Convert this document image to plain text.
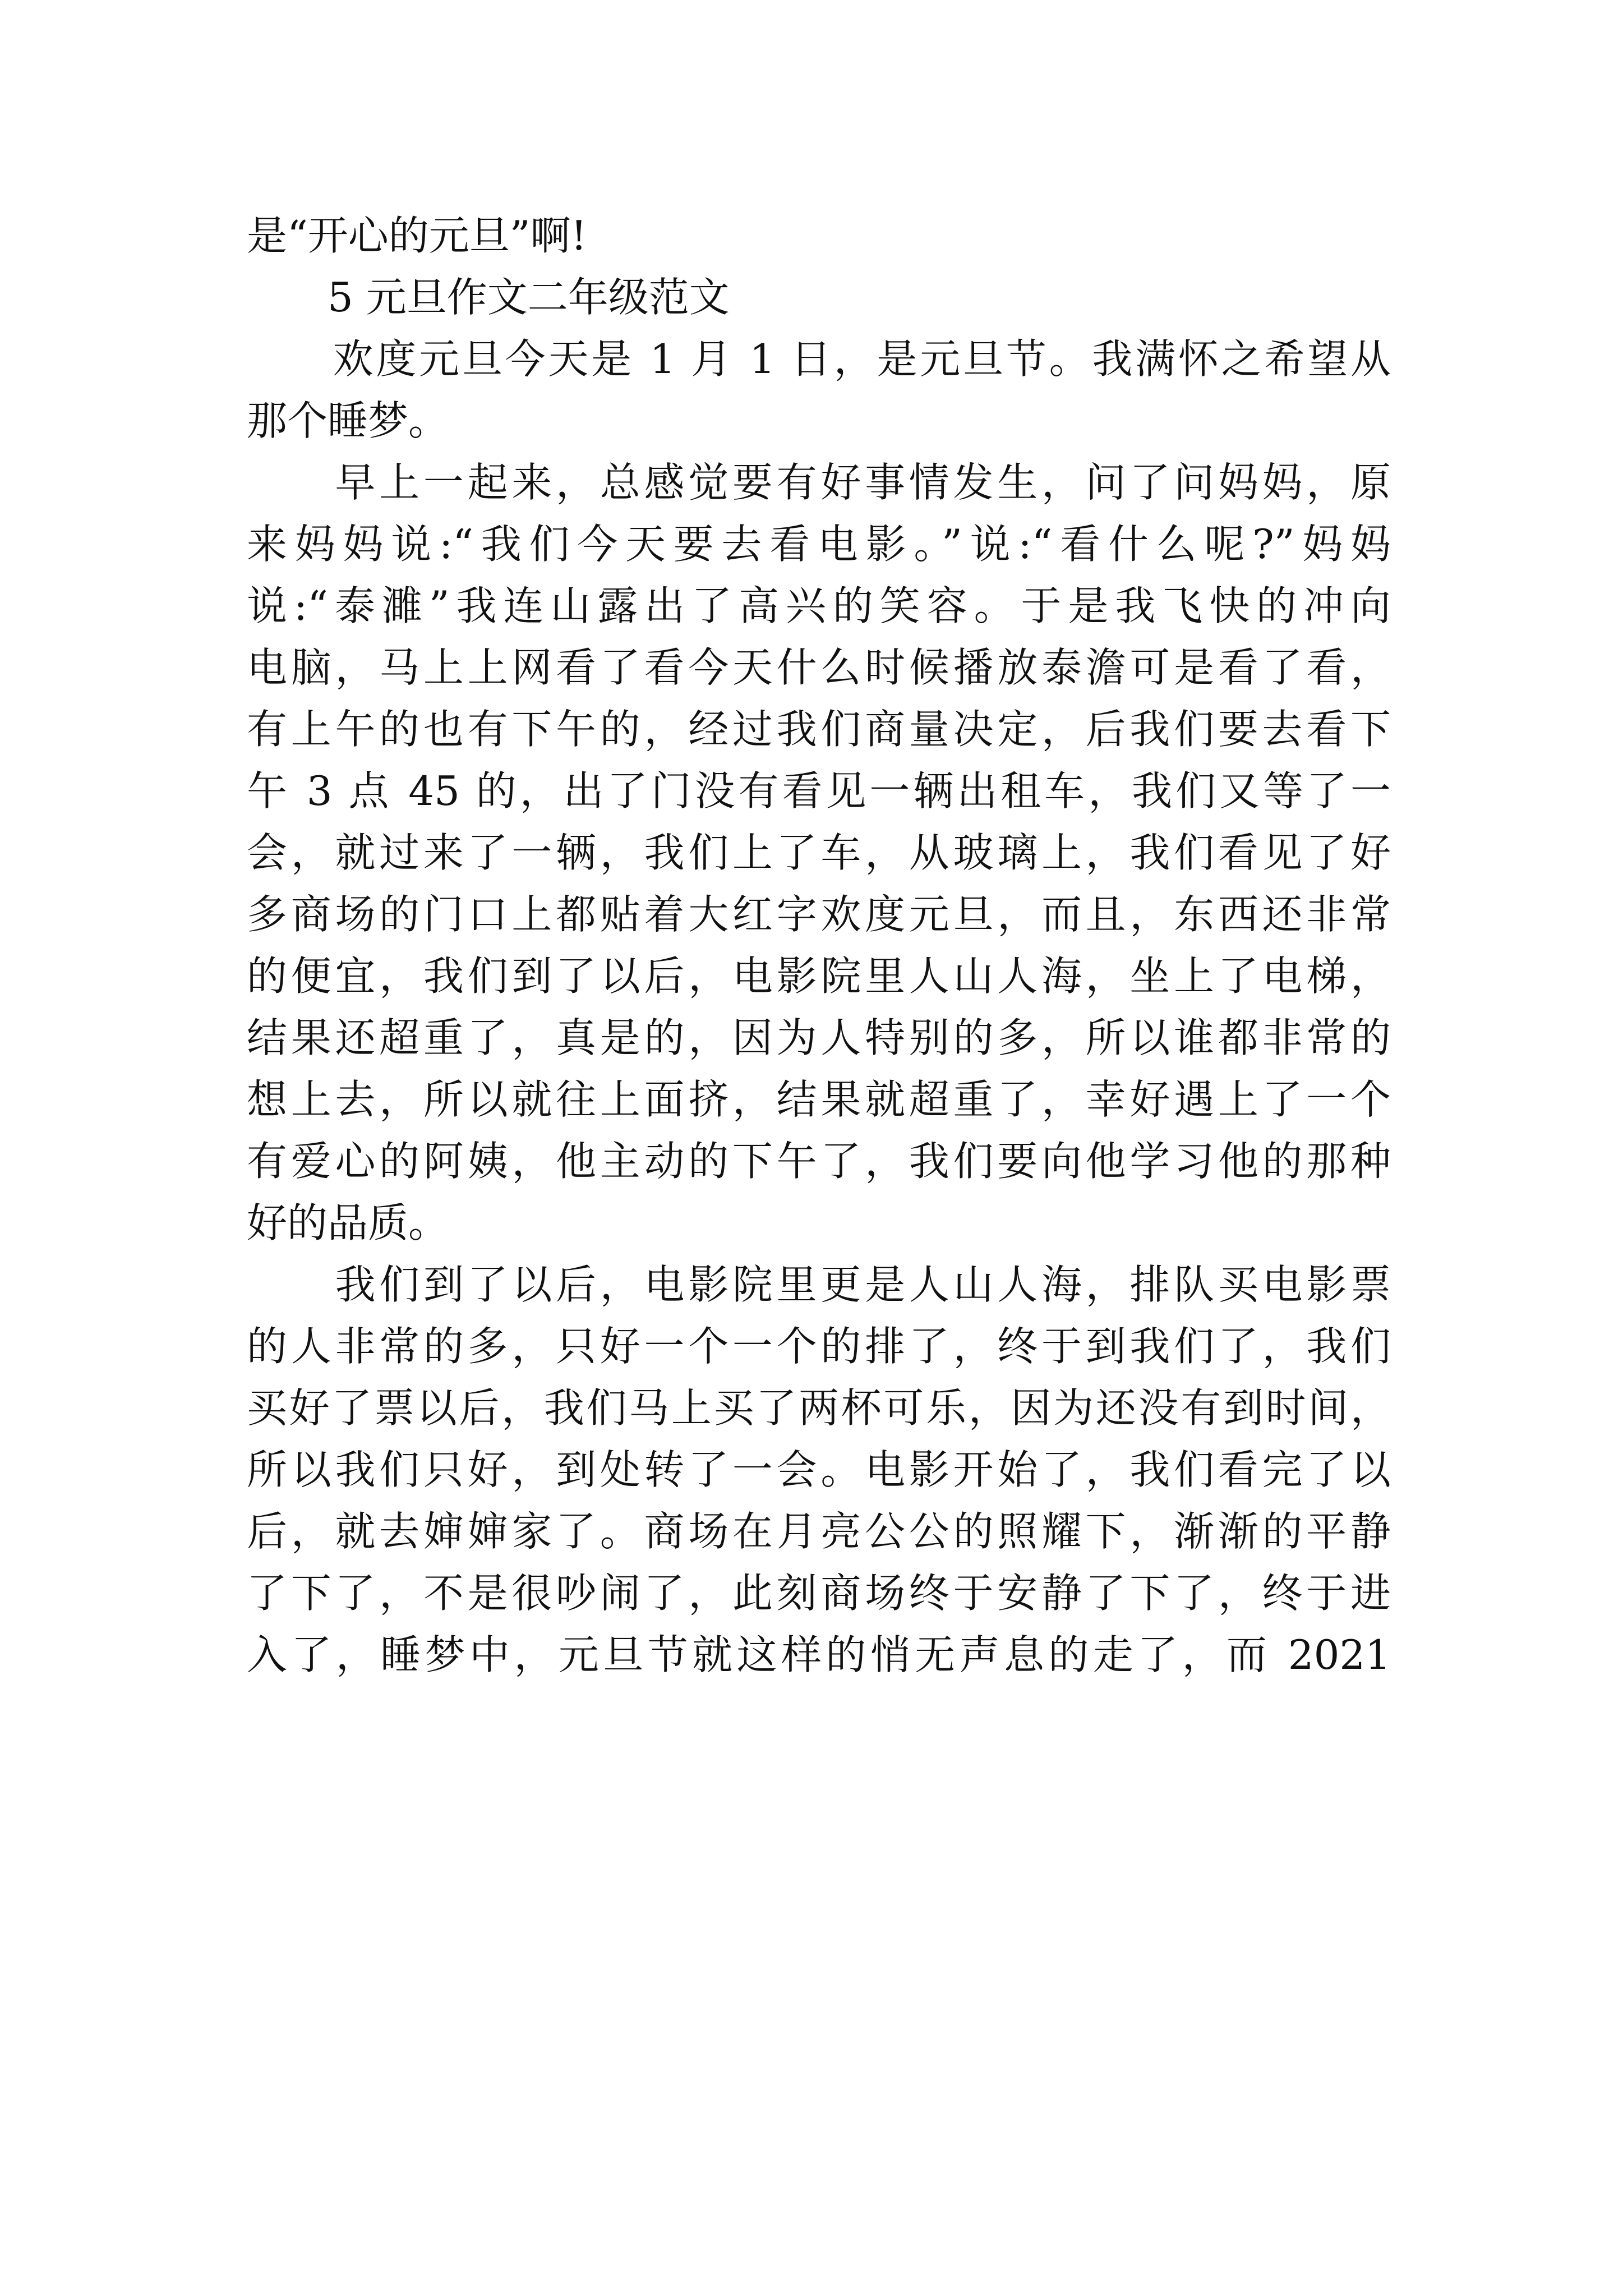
是“开心的元旦”啊!
　　5 元旦作文二年级范文
　　欢度元旦今天是 1 月 1 日，是元旦节。我满怀之希望从
那个睡梦。
　　早上一起来，总感觉要有好事情发生，问了问妈妈，原
来妈妈说:“我们今天要去看电影。”说:“看什么呢?”妈妈
说:“泰濉”我连山露出了高兴的笑容。于是我飞快的冲向
电脑，马上上网看了看今天什么时候播放泰澹可是看了看，
有上午的也有下午的，经过我们商量决定，后我们要去看下
午 3 点 45 的，出了门没有看见一辆出租车，我们又等了一
会，就过来了一辆，我们上了车，从玻璃上，我们看见了好
多商场的门口上都贴着大红字欢度元旦，而且，东西还非常
的便宜，我们到了以后，电影院里人山人海，坐上了电梯，
结果还超重了，真是的，因为人特别的多，所以谁都非常的
想上去，所以就往上面挤，结果就超重了，幸好遇上了一个
有爱心的阿姨，他主动的下午了，我们要向他学习他的那种
好的品质。
　　我们到了以后，电影院里更是人山人海，排队买电影票
的人非常的多，只好一个一个的排了，终于到我们了，我们
买好了票以后，我们马上买了两杯可乐，因为还没有到时间，
所以我们只好，到处转了一会。电影开始了，我们看完了以
后，就去婶婶家了。商场在月亮公公的照耀下，渐渐的平静
了下了，不是很吵闹了，此刻商场终于安静了下了，终于进
入了，睡梦中，元旦节就这样的悄无声息的走了，而 2021
